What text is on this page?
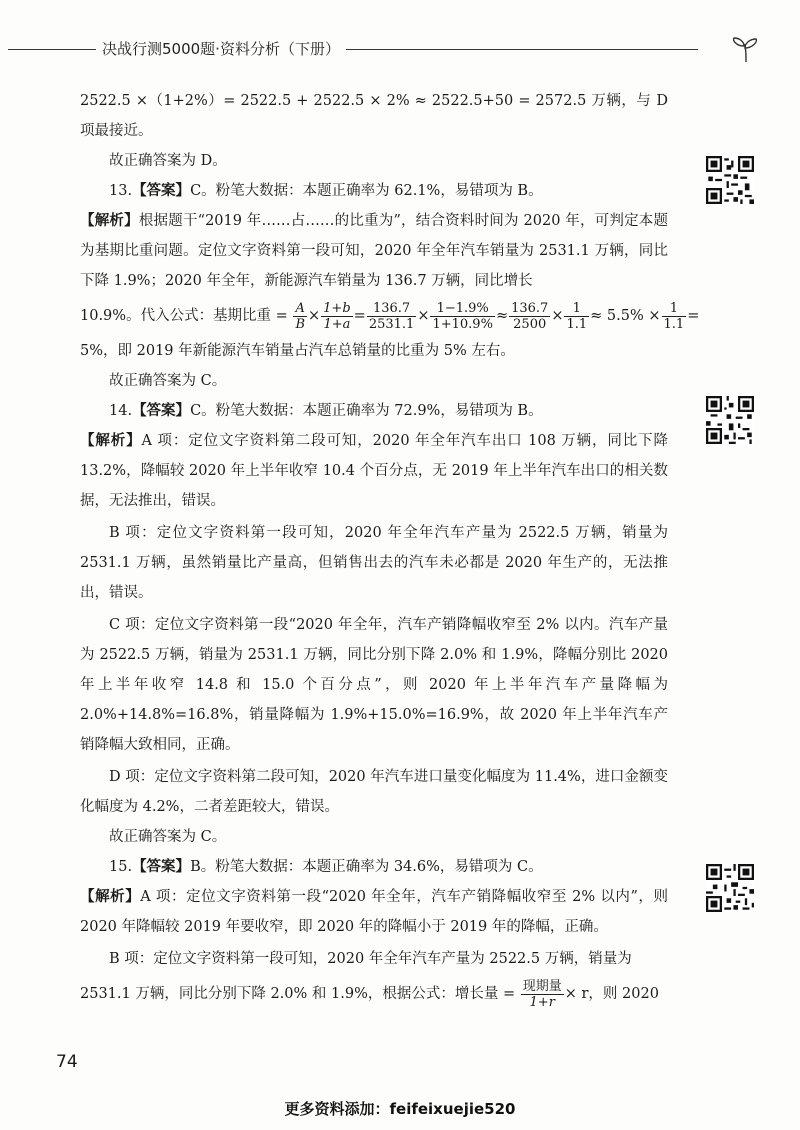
决战行测5000题·资料分析（下册）

2522.5 ×（1+2%）= 2522.5 + 2522.5 × 2% ≈ 2522.5+50 = 2572.5 万辆，与 D 项最接近。

故正确答案为 D。

13.【答案】C。粉笔大数据：本题正确率为 62.1%，易错项为 B。

【解析】根据题干“2019 年……占……的比重为”，结合资料时间为 2020 年，可判定本题为基期比重问题。定位文字资料第一段可知，2020 年全年汽车销量为 2531.1 万辆，同比下降 1.9%；2020 年全年，新能源汽车销量为 136.7 万辆，同比增长

10.9%。代入公式：基期比重 = $\frac{A}{B} \times \frac{1+b}{1+a} = \frac{136.7}{2531.1} \times \frac{1-1.9\%}{1+10.9\%} \approx \frac{136.7}{2500} \times \frac{1}{1.1} \approx 5.5\% \times \frac{1}{1.1}$ =

5%，即 2019 年新能源汽车销量占汽车总销量的比重为 5% 左右。

故正确答案为 C。

14.【答案】C。粉笔大数据：本题正确率为 72.9%，易错项为 B。

【解析】A 项：定位文字资料第二段可知，2020 年全年汽车出口 108 万辆，同比下降 13.2%，降幅较 2020 年上半年收窄 10.4 个百分点，无 2019 年上半年汽车出口的相关数据，无法推出，错误。

B 项：定位文字资料第一段可知，2020 年全年汽车产量为 2522.5 万辆，销量为 2531.1 万辆，虽然销量比产量高，但销售出去的汽车未必都是 2020 年生产的，无法推出，错误。

C 项：定位文字资料第一段“2020 年全年，汽车产销降幅收窄至 2% 以内。汽车产量为 2522.5 万辆，销量为 2531.1 万辆，同比分别下降 2.0% 和 1.9%，降幅分别比 2020 年上半年收窄 14.8 和 15.0 个百分点”，则 2020 年上半年汽车产量降幅为 2.0%+14.8%=16.8%，销量降幅为 1.9%+15.0%=16.9%，故 2020 年上半年汽车产销降幅大致相同，正确。

D 项：定位文字资料第二段可知，2020 年汽车进口量变化幅度为 11.4%，进口金额变化幅度为 4.2%，二者差距较大，错误。

故正确答案为 C。

15.【答案】B。粉笔大数据：本题正确率为 34.6%，易错项为 C。

【解析】A 项：定位文字资料第一段“2020 年全年，汽车产销降幅收窄至 2% 以内”，则 2020 年降幅较 2019 年要收窄，即 2020 年的降幅小于 2019 年的降幅，正确。

B 项：定位文字资料第一段可知，2020 年全年汽车产量为 2522.5 万辆，销量为

2531.1 万辆，同比分别下降 2.0% 和 1.9%，根据公式：增长量 = $\frac{\text{现期量}}{1+r} \times r$，则 2020

74
更多资料添加：feifeixuejie520
